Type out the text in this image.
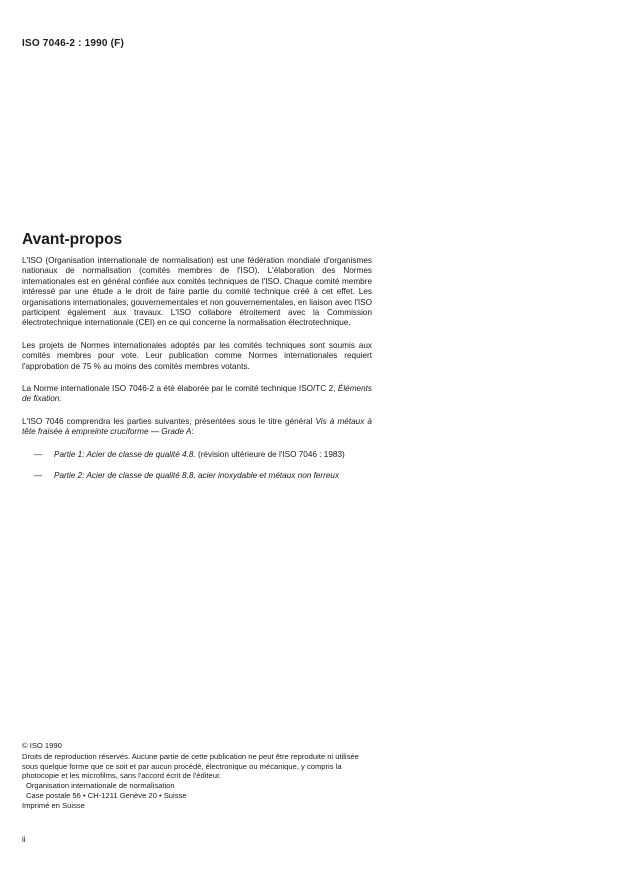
ISO 7046-2 : 1990 (F)
Avant-propos

L'ISO (Organisation internationale de normalisation) est une fédération mondiale d'organismes nationaux de normalisation (comités membres de l'ISO). L'élaboration des Normes internationales est en général confiée aux comités techniques de l'ISO. Chaque comité membre intéressé par une étude a le droit de faire partie du comité technique créé à cet effet. Les organisations internationales, gouvernementales et non gouvernementales, en liaison avec l'ISO participent également aux travaux. L'ISO collabore étroitement avec la Commission électrotechnique internationale (CEI) en ce qui concerne la normalisation électrotechnique.

Les projets de Normes internationales adoptés par les comités techniques sont soumis aux comités membres pour vote. Leur publication comme Normes internationales requiert l'approbation de 75 % au moins des comités membres votants.

La Norme internationale ISO 7046-2 a été élaborée par le comité technique ISO/TC 2, Éléments de fixation.

L'ISO 7046 comprendra les parties suivantes, présentées sous le titre général Vis à métaux à tête fraisée à empreinte cruciforme — Grade A:

— Partie 1: Acier de classe de qualité 4.8. (révision ultérieure de l'ISO 7046 : 1983)
— Partie 2: Acier de classe de qualité 8.8, acier inoxydable et métaux non ferreux

© ISO 1990

Droits de reproduction réservés. Aucune partie de cette publication ne peut être reproduite ni utilisée sous quelque forme que ce soit et par aucun procédé, électronique ou mécanique, y compris la photocopie et les microfilms, sans l'accord écrit de l'éditeur.

Organisation internationale de normalisation

Case postale 56 • CH-1211 Genève 20 • Suisse

Imprimé en Suisse

ii
